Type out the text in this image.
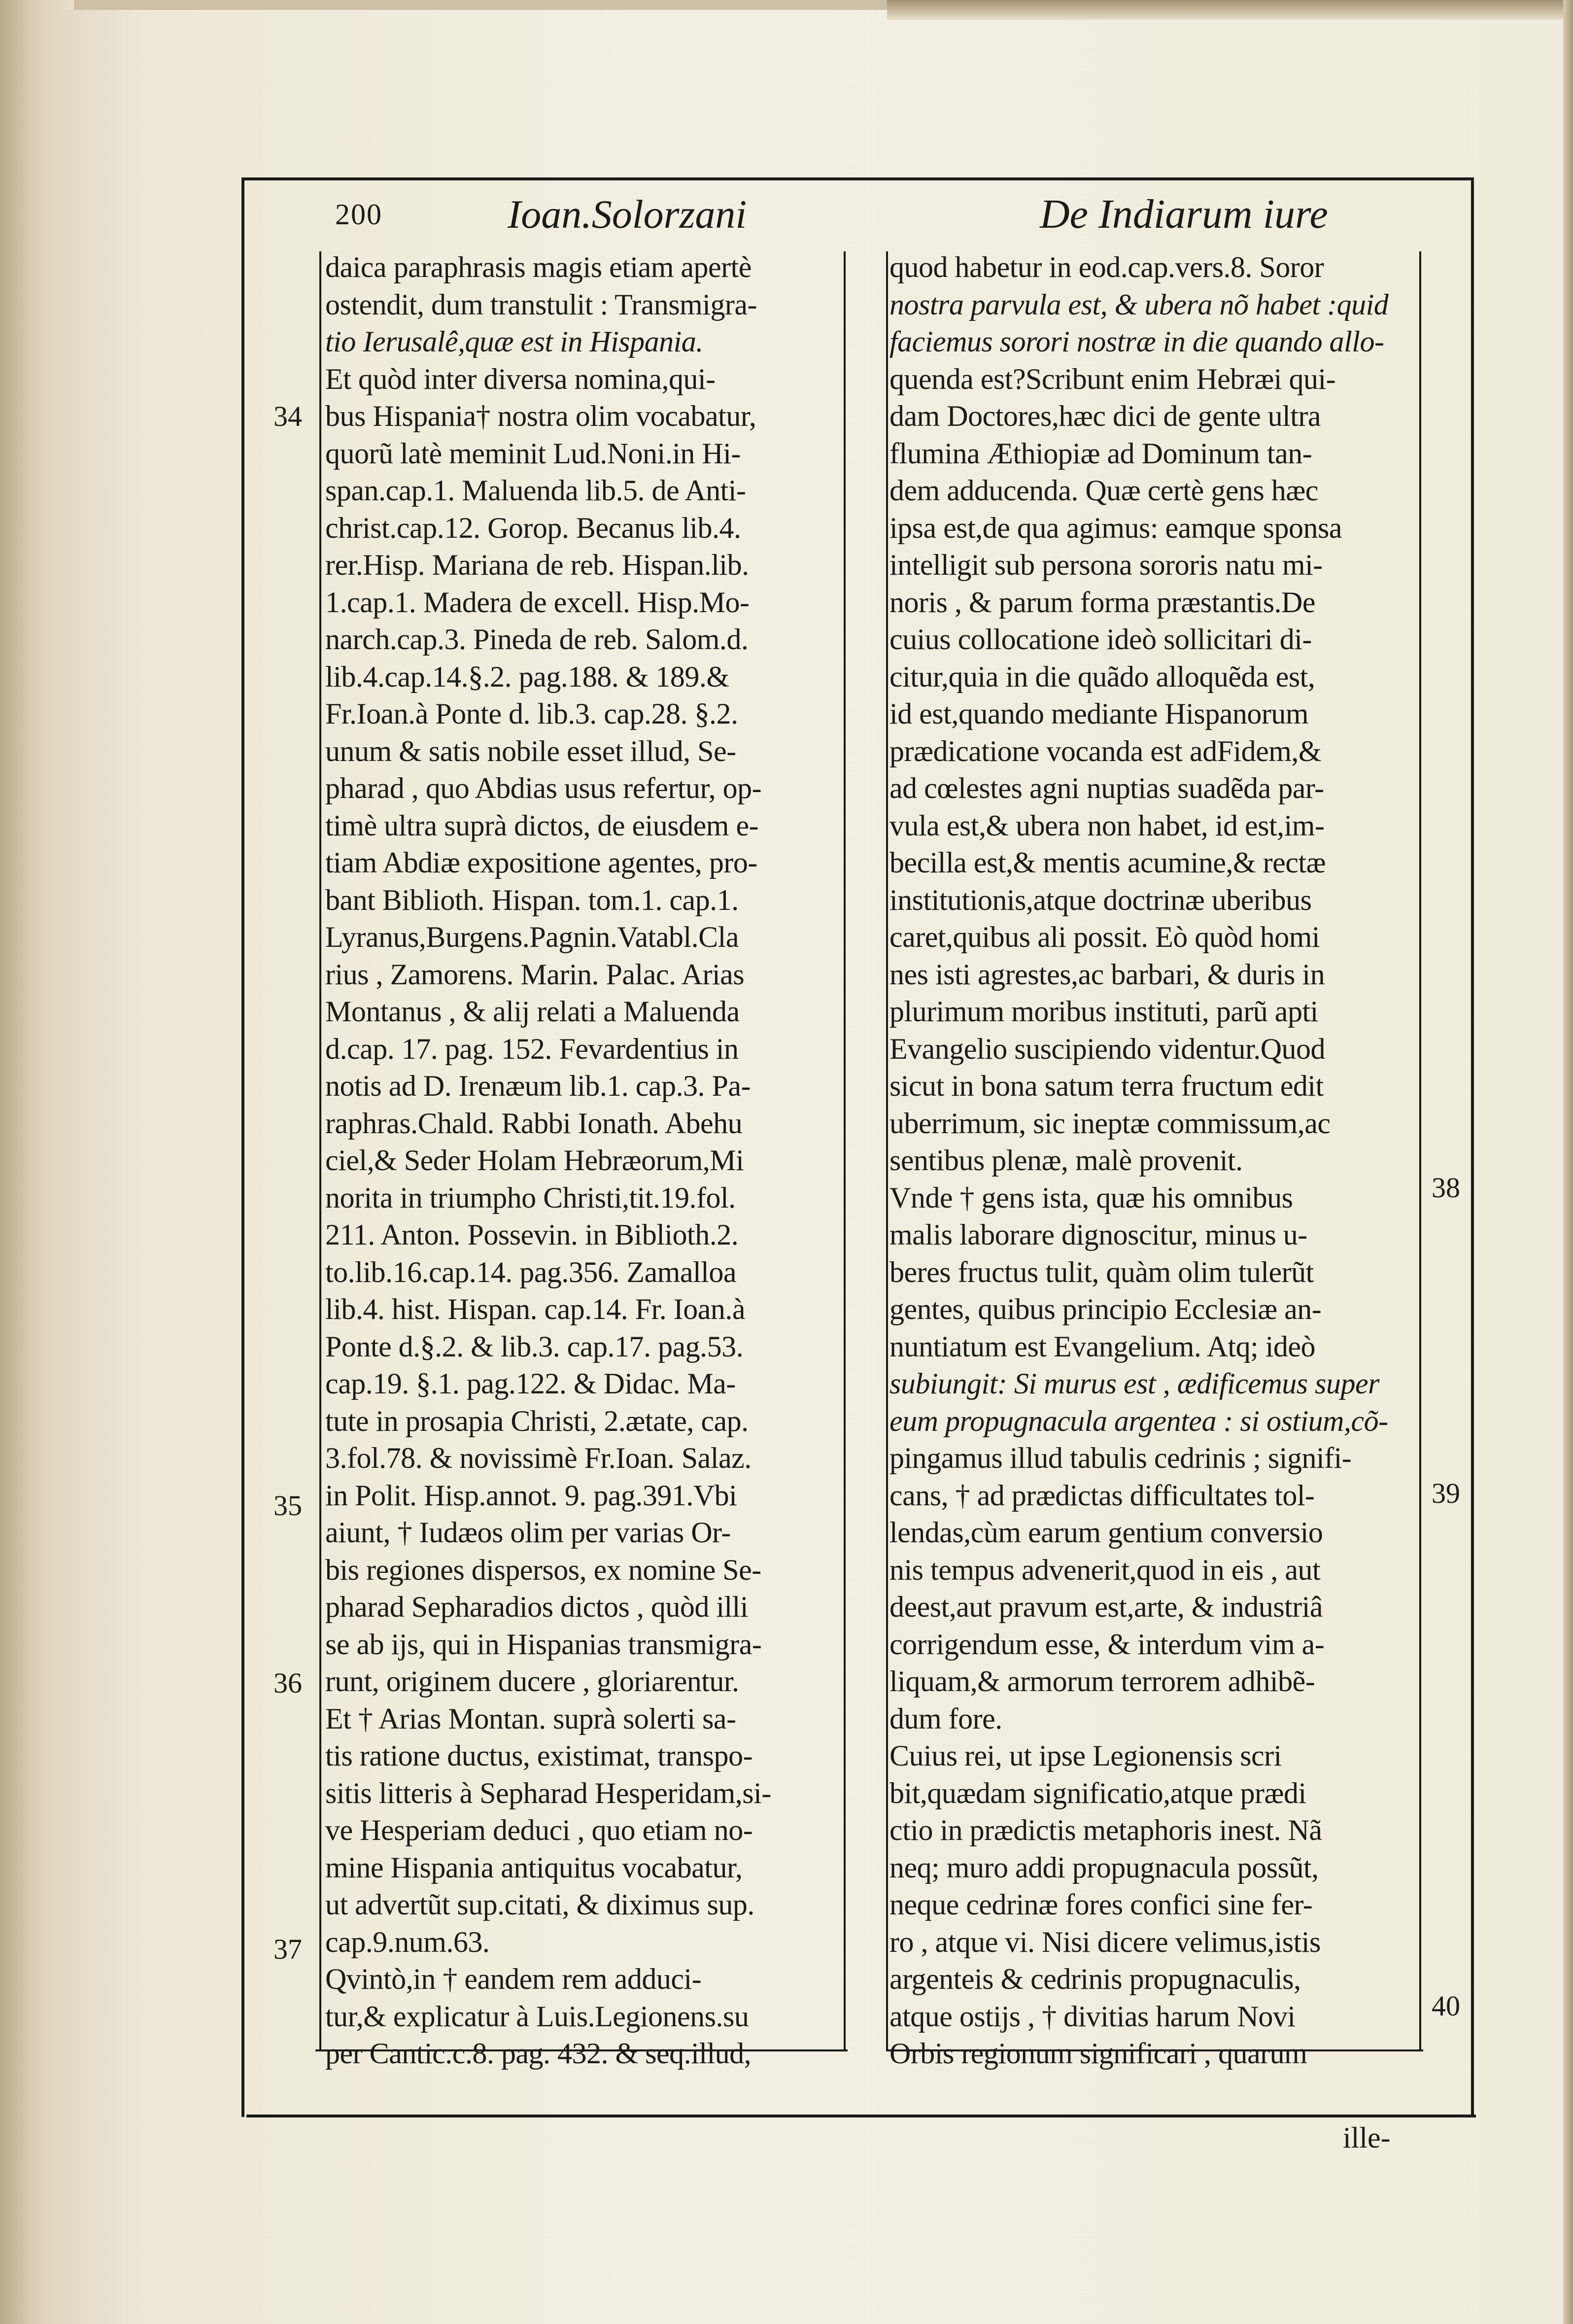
200	Ioan.Solorzani	De Indiarum iure
34
35
36
37
38
39
40
daica paraphrasis magis etiam apertè
ostendit, dum transtulit : Transmigra-
tio Ierusalê,quæ est in Hispania.
Et quòd inter diversa nomina,qui-
bus Hispania† nostra olim vocabatur,
quorũ latè meminit Lud.Noni.in Hi-
span.cap.1. Maluenda lib.5. de Anti-
christ.cap.12. Gorop. Becanus lib.4.
rer.Hisp. Mariana de reb. Hispan.lib.
1.cap.1. Madera de excell. Hisp.Mo-
narch.cap.3. Pineda de reb. Salom.d.
lib.4.cap.14.§.2. pag.188. & 189.&
Fr.Ioan.à Ponte d. lib.3. cap.28. §.2.
unum & satis nobile esset illud, Se-
pharad , quo Abdias usus refertur, op-
timè ultra suprà dictos, de eiusdem e-
tiam Abdiæ expositione agentes, pro-
bant Biblioth. Hispan. tom.1. cap.1.
Lyranus,Burgens.Pagnin.Vatabl.Cla
rius , Zamorens. Marin. Palac. Arias
Montanus , & alij relati a Maluenda
d.cap. 17. pag. 152. Fevardentius in
notis ad D. Irenæum lib.1. cap.3. Pa-
raphras.Chald. Rabbi Ionath. Abehu
ciel,& Seder Holam Hebræorum,Mi
norita in triumpho Christi,tit.19.fol.
211. Anton. Possevin. in Biblioth.2.
to.lib.16.cap.14. pag.356. Zamalloa
lib.4. hist. Hispan. cap.14. Fr. Ioan.à
Ponte d.§.2. & lib.3. cap.17. pag.53.
cap.19. §.1. pag.122. & Didac. Ma-
tute in prosapia Christi, 2.ætate, cap.
3.fol.78. & novissimè Fr.Ioan. Salaz.
in Polit. Hisp.annot. 9. pag.391.Vbi
aiunt, † Iudæos olim per varias Or-
bis regiones dispersos, ex nomine Se-
pharad Sepharadios dictos , quòd illi
se ab ijs, qui in Hispanias transmigra-
runt, originem ducere , gloriarentur.
Et † Arias Montan. suprà solerti sa-
tis ratione ductus, existimat, transpo-
sitis litteris à Sepharad Hesperidam,si-
ve Hesperiam deduci , quo etiam no-
mine Hispania antiquitus vocabatur,
ut advertũt sup.citati, & diximus sup.
cap.9.num.63.
Qvintò,in † eandem rem adduci-
tur,& explicatur à Luis.Legionens.su
per Cantic.c.8. pag. 432. & seq.illud,
quod habetur in eod.cap.vers.8. Soror
nostra parvula est, & ubera nõ habet :quid
faciemus sorori nostræ in die quando allo-
quenda est?Scribunt enim Hebræi qui-
dam Doctores,hæc dici de gente ultra
flumina Æthiopiæ ad Dominum tan-
dem adducenda. Quæ certè gens hæc
ipsa est,de qua agimus: eamque sponsa
intelligit sub persona sororis natu mi-
noris , & parum forma præstantis.De
cuius collocatione ideò sollicitari di-
citur,quia in die quãdo alloquẽda est,
id est,quando mediante Hispanorum
prædicatione vocanda est adFidem,&
ad cœlestes agni nuptias suadẽda par-
vula est,& ubera non habet, id est,im-
becilla est,& mentis acumine,& rectæ
institutionis,atque doctrinæ uberibus
caret,quibus ali possit. Eò quòd homi
nes isti agrestes,ac barbari, & duris in
plurimum moribus instituti, parũ apti
Evangelio suscipiendo videntur.Quod
sicut in bona satum terra fructum edit
uberrimum, sic ineptæ commissum,ac
sentibus plenæ, malè provenit.
Vnde † gens ista, quæ his omnibus
malis laborare dignoscitur, minus u-
beres fructus tulit, quàm olim tulerũt
gentes, quibus principio Ecclesiæ an-
nuntiatum est Evangelium. Atq; ideò
subiungit: Si murus est , ædificemus super
eum propugnacula argentea : si ostium,cõ-
pingamus illud tabulis cedrinis ; signifi-
cans, † ad prædictas difficultates tol-
lendas,cùm earum gentium conversio
nis tempus advenerit,quod in eis , aut
deest,aut pravum est,arte, & industriâ
corrigendum esse, & interdum vim a-
liquam,& armorum terrorem adhibẽ-
dum fore.
Cuius rei, ut ipse Legionensis scri
bit,quædam significatio,atque prædi
ctio in prædictis metaphoris inest. Nã
neq; muro addi propugnacula possũt,
neque cedrinæ fores confici sine fer-
ro , atque vi. Nisi dicere velimus,istis
argenteis & cedrinis propugnaculis,
atque ostijs , † divitias harum Novi
Orbis regionum significari , quarum
ille-
